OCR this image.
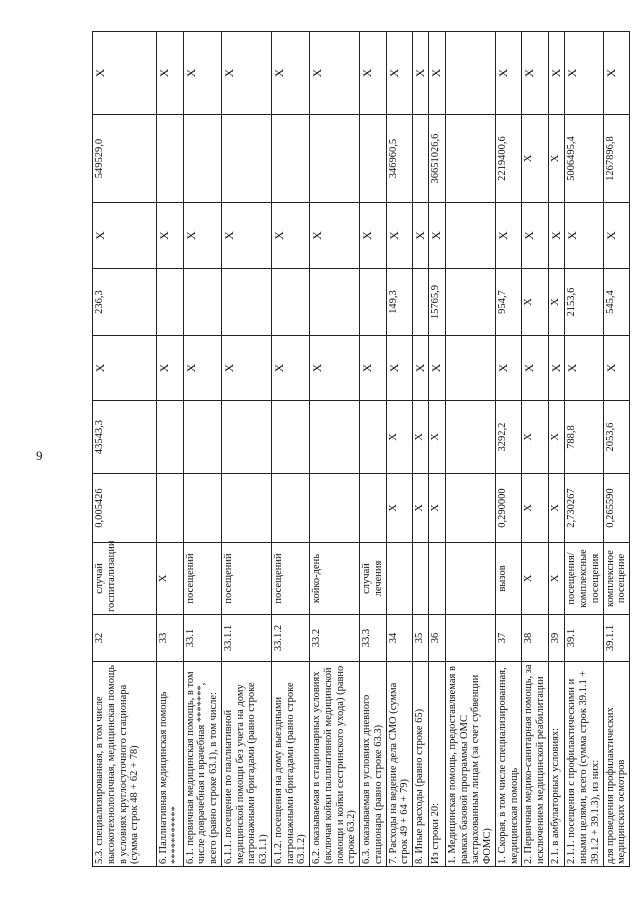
9
5.3. специализированная, в том числе высокотехнологичная, медицинская помощь в условиях круглосуточного стационара (сумма строк 48 + 62 + 78)	32	случай госпитализации	0,005426	43543,3	X	236,3	X	549529,0	X
6. Паллиативная медицинская помощь ***********	33	X			X		X		X
6.1. первичная медицинская помощь, в том числе доврачебная и врачебная *******, всего (равно строке 63.1), в том числе:	33.1	посещений			X		X		X
6.1.1. посещение по паллиативной медицинской помощи без учета на дому патронажными бригадами (равно строке 63.1.1)	33.1.1	посещений			X		X		X
6.1.2. посещения на дому выездными патронажными бригадами (равно строке 63.1.2)	33.1.2	посещений			X		X		X
6.2. оказываемая в стационарных условиях (включая койки паллиативной медицинской помощи и койки сестринского ухода) (равно строке 63.2)	33.2	койко-день			X		X		X
6.3. оказываемая в условиях дневного стационара (равно строке 63.3)	33.3	случай лечения			X		X		X
7. Расходы на ведение дела СМО (сумма строк 49 + 64 + 79)	34		X	X	X	149,3	X	346960,5	X
8. Иные расходы (равно строке 65)	35		X	X	X		X		X
Из строки 20:	36		X	X	X	15765,9	X	36651026,6	X
1. Медицинская помощь, предоставляемая в рамках базовой программы ОМС застрахованным лицам (за счет субвенции ФОМС)									
1. Скорая, в том числе специализированная, медицинская помощь	37	вызов	0,290000	3292,2	X	954,7	X	2219400,6	X
2. Первичная медико-санитарная помощь, за исключением медицинской реабилитации	38	X	X	X	X	X	X	X	X
2.1. в амбулаторных условиях:	39	X	X	X	X	X	X	X	X
2.1.1. посещения с профилактическими и иными целями, всего (сумма строк 39.1.1 + 39.1.2 + 39.1.3), из них:	39.1	посещения/ комплексные посещения	2,730267	788,8	X	2153,6	X	5006495,4	X
для проведения профилактических медицинских осмотров	39.1.1	комплексное посещение	0,265590	2053,6	X	545,4	X	1267896,8	X
